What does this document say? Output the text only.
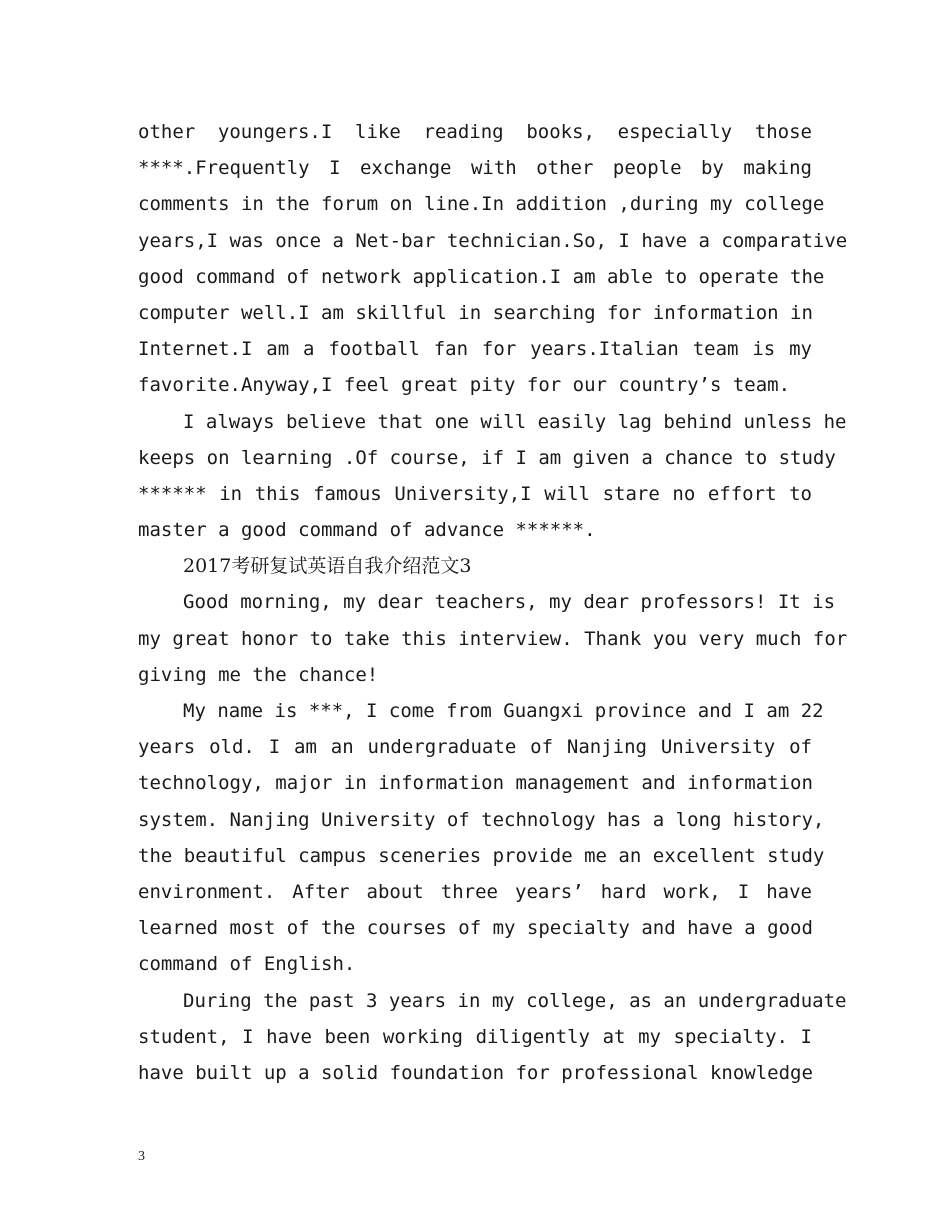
other youngers.I like reading books, especially those
****.Frequently I exchange with other people by making
comments in the forum on line.In addition ,during my college
years,I was once a Net-bar technician.So, I have a comparative
good command of network application.I am able to operate the
computer well.I am skillful in searching for information in
Internet.I am a football fan for years.Italian team is my
favorite.Anyway,I feel great pity for our country’s team.
I always believe that one will easily lag behind unless he
keeps on learning .Of course, if I am given a chance to study
****** in this famous University,I will stare no effort to
master a good command of advance ******.
2017考研复试英语自我介绍范文3
Good morning, my dear teachers, my dear professors! It is
my great honor to take this interview. Thank you very much for
giving me the chance!
My name is ***, I come from Guangxi province and I am 22
years old. I am an undergraduate of Nanjing University of
technology, major in information management and information
system. Nanjing University of technology has a long history,
the beautiful campus sceneries provide me an excellent study
environment. After about three years’ hard work, I have
learned most of the courses of my specialty and have a good
command of English.
During the past 3 years in my college, as an undergraduate
student, I have been working diligently at my specialty. I
have built up a solid foundation for professional knowledge
3
